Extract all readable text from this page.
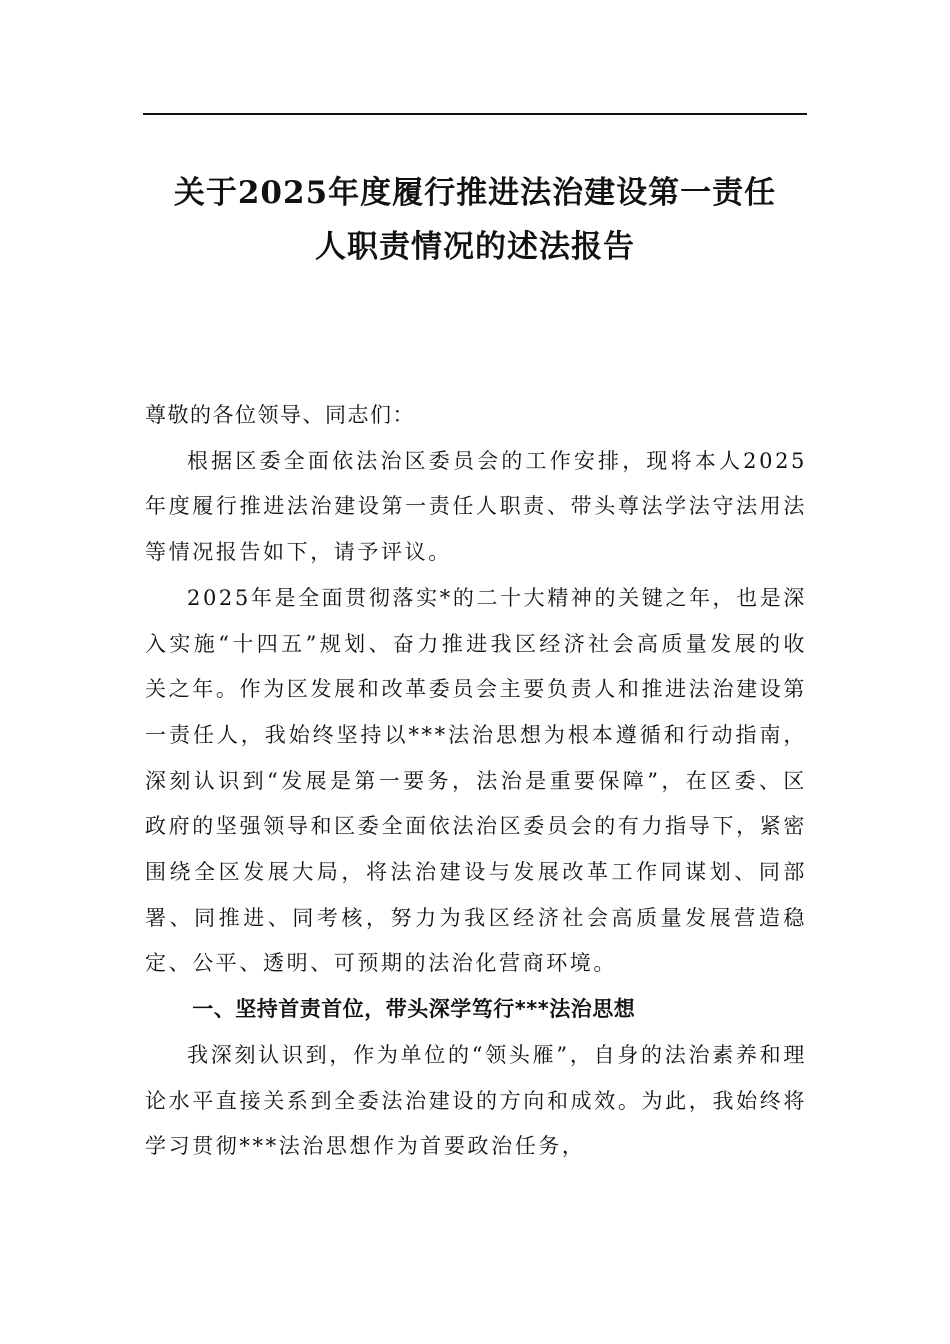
关于2025年度履行推进法治建设第一责任
人职责情况的述法报告

尊敬的各位领导、同志们：

根据区委全面依法治区委员会的工作安排，现将本人2025年度履行推进法治建设第一责任人职责、带头尊法学法守法用法等情况报告如下，请予评议。

2025年是全面贯彻落实*的二十大精神的关键之年，也是深入实施“十四五”规划、奋力推进我区经济社会高质量发展的收关之年。作为区发展和改革委员会主要负责人和推进法治建设第一责任人，我始终坚持以***法治思想为根本遵循和行动指南，深刻认识到“发展是第一要务，法治是重要保障”，在区委、区政府的坚强领导和区委全面依法治区委员会的有力指导下，紧密围绕全区发展大局，将法治建设与发展改革工作同谋划、同部署、同推进、同考核，努力为我区经济社会高质量发展营造稳定、公平、透明、可预期的法治化营商环境。

一、坚持首责首位，带头深学笃行***法治思想

我深刻认识到，作为单位的“领头雁”，自身的法治素养和理论水平直接关系到全委法治建设的方向和成效。为此，我始终将学习贯彻***法治思想作为首要政治任务，
